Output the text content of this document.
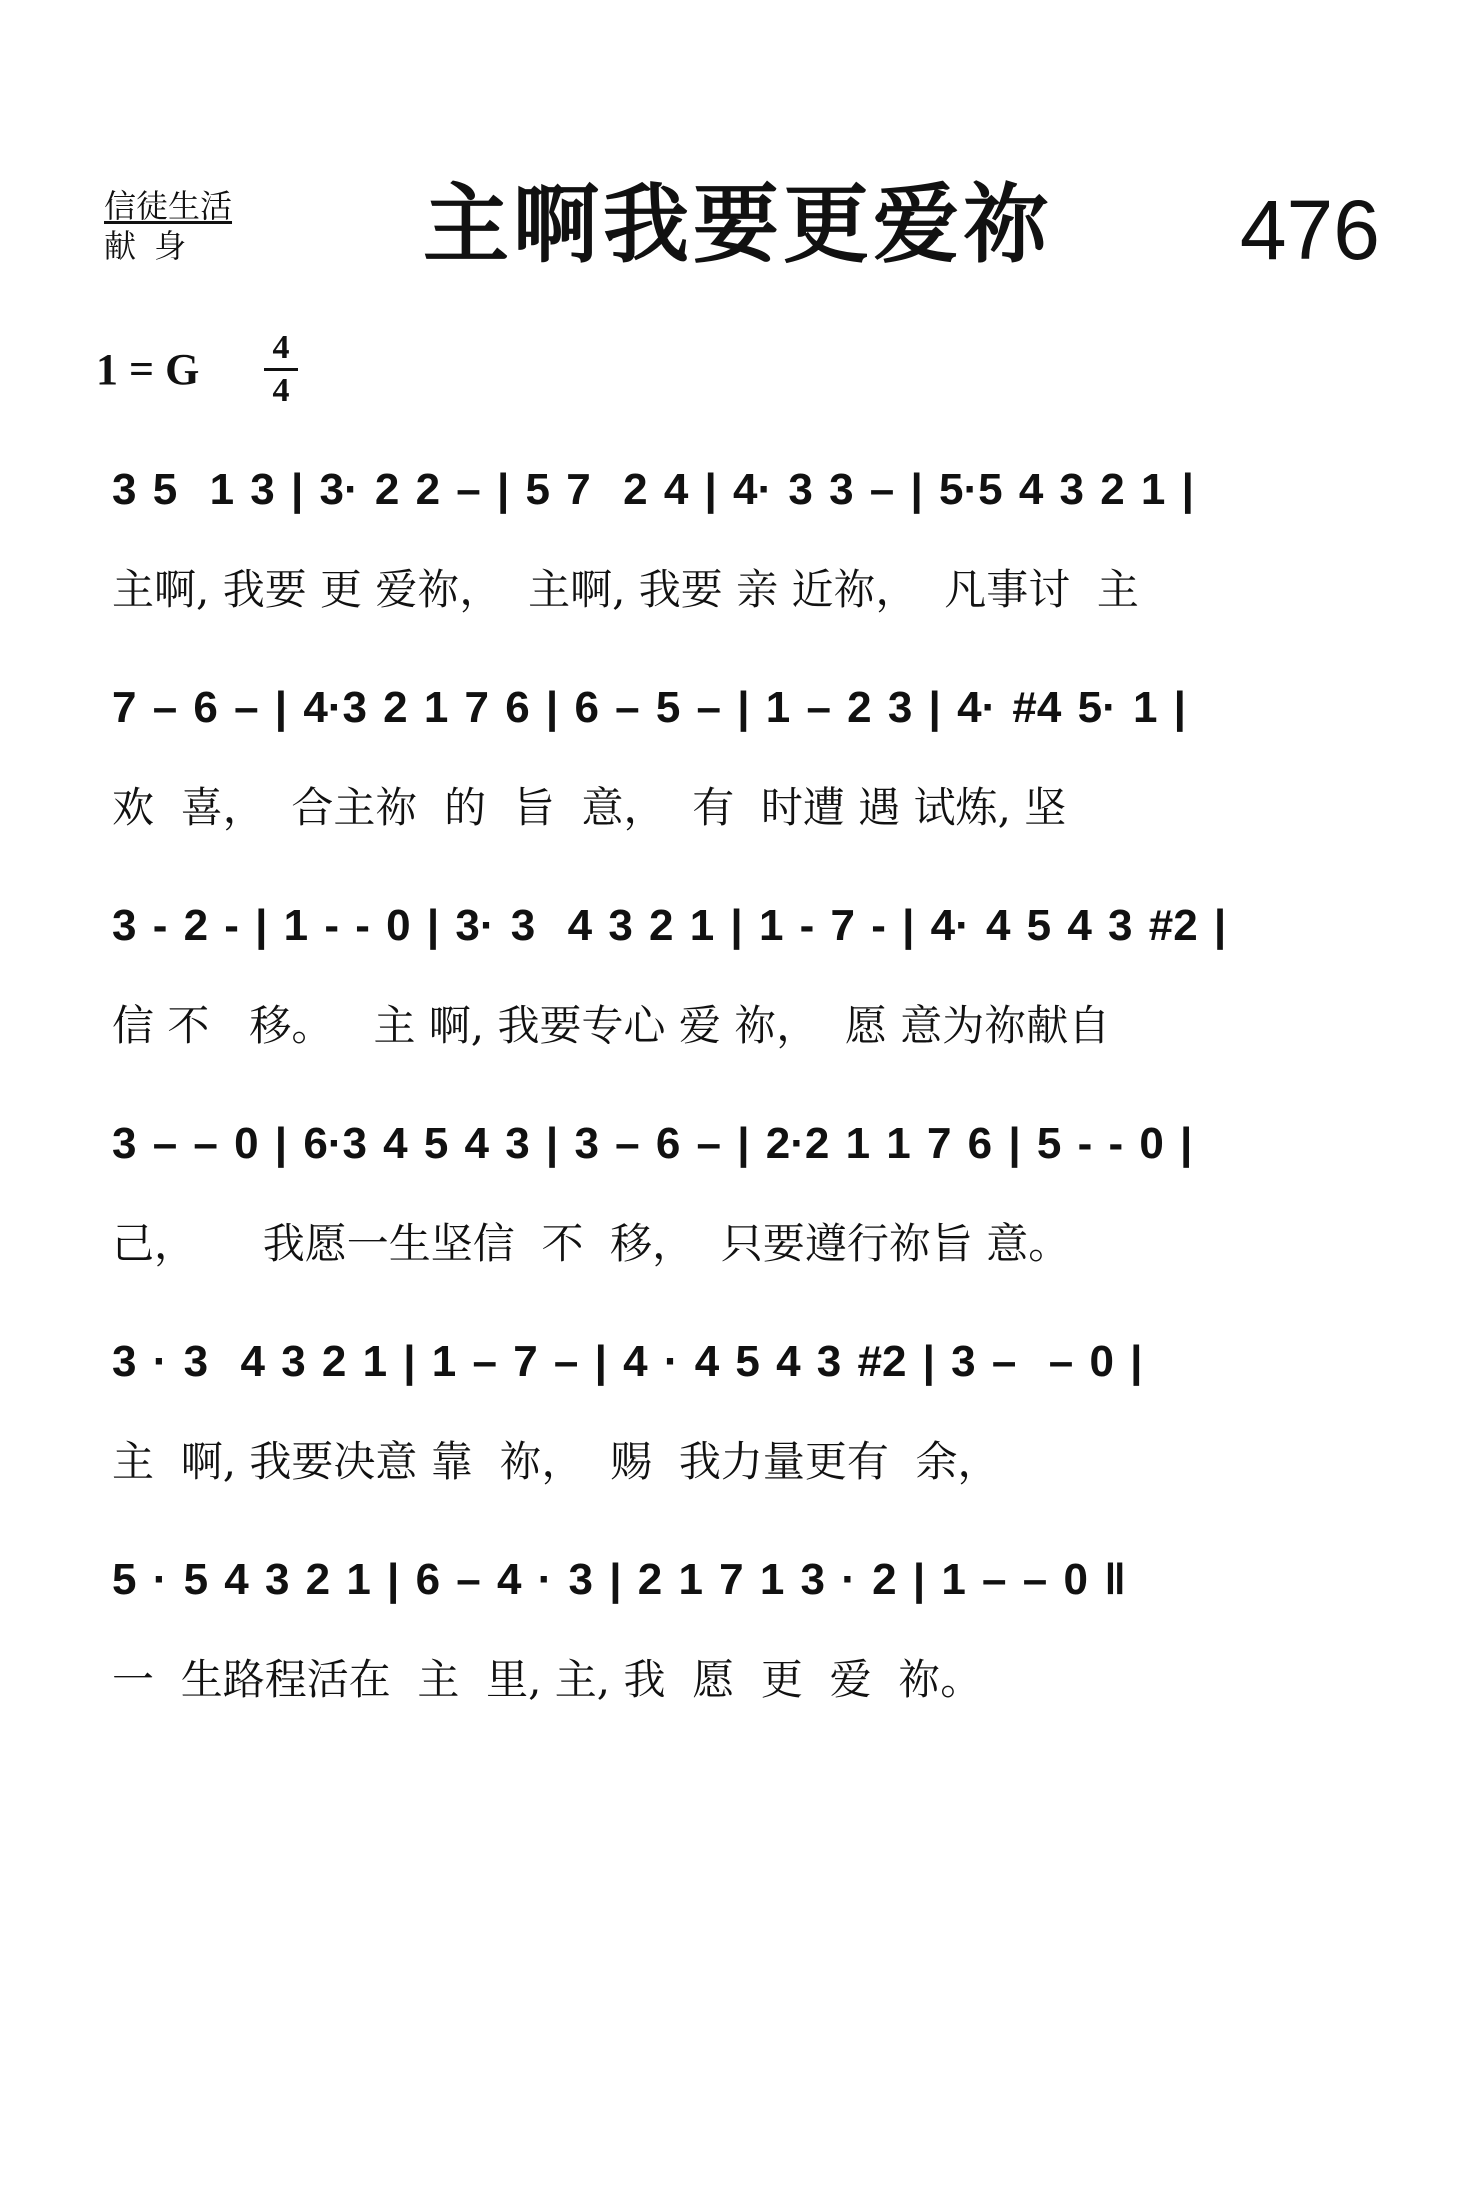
信徒生活
献 身	主啊我要更爱祢	476
1 = G 4
4
3 5  1 3 | 3· 2 2 – | 5 7  2 4 | 4· 3 3 – | 5·5 4 3 2 1 |
主啊, 我要 更 爱祢，  主啊, 我要 亲 近祢，  凡事讨  主
7 – 6 – | 4·3 2 1 7 6 | 6 – 5 – | 1 – 2 3 | 4· #4 5· 1 |
欢  喜，  合主祢  的  旨  意，  有  时遭 遇 试炼, 坚
3 - 2 - | 1 - - 0 | 3· 3  4 3 2 1 | 1 - 7 - | 4· 4 5 4 3 #2 |
信 不   移。   主 啊, 我要专心 爱 祢，  愿 意为祢献自
3 – – 0 | 6·3 4 5 4 3 | 3 – 6 – | 2·2 1 1 7 6 | 5 - - 0 |
己，     我愿一生坚信  不  移，  只要遵行祢旨 意。
3 · 3  4 3 2 1 | 1 – 7 – | 4 · 4 5 4 3 #2 | 3 –  – 0 |
主  啊, 我要决意 靠  祢，  赐  我力量更有  余，
5 · 5 4 3 2 1 | 6 – 4 · 3 | 2 1 7 1 3 · 2 | 1 – – 0 ‖
一  生路程活在  主  里, 主, 我  愿  更  爱  祢。
